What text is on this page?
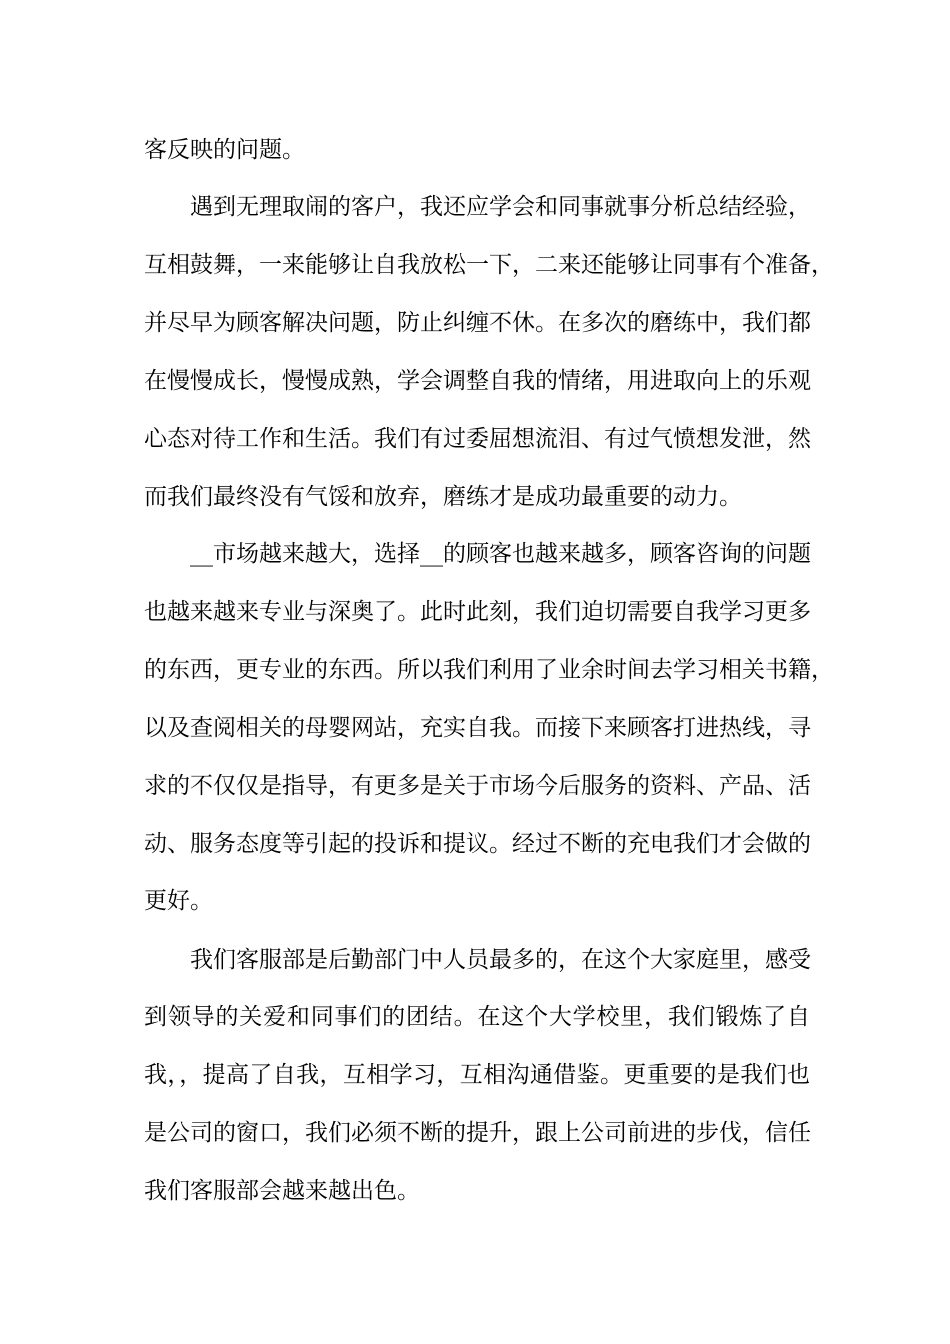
客反映的问题。
遇到无理取闹的客户，我还应学会和同事就事分析总结经验，
互相鼓舞，一来能够让自我放松一下，二来还能够让同事有个准备，
并尽早为顾客解决问题，防止纠缠不休。在多次的磨练中，我们都
在慢慢成长，慢慢成熟，学会调整自我的情绪，用进取向上的乐观
心态对待工作和生活。我们有过委屈想流泪、有过气愤想发泄，然
而我们最终没有气馁和放弃，磨练才是成功最重要的动力。
__市场越来越大，选择__的顾客也越来越多，顾客咨询的问题
也越来越来专业与深奥了。此时此刻，我们迫切需要自我学习更多
的东西，更专业的东西。所以我们利用了业余时间去学习相关书籍，
以及查阅相关的母婴网站，充实自我。而接下来顾客打进热线，寻
求的不仅仅是指导，有更多是关于市场今后服务的资料、产品、活
动、服务态度等引起的投诉和提议。经过不断的充电我们才会做的
更好。
我们客服部是后勤部门中人员最多的，在这个大家庭里，感受
到领导的关爱和同事们的团结。在这个大学校里，我们锻炼了自
我，，提高了自我，互相学习，互相沟通借鉴。更重要的是我们也
是公司的窗口，我们必须不断的提升，跟上公司前进的步伐，信任
我们客服部会越来越出色。
